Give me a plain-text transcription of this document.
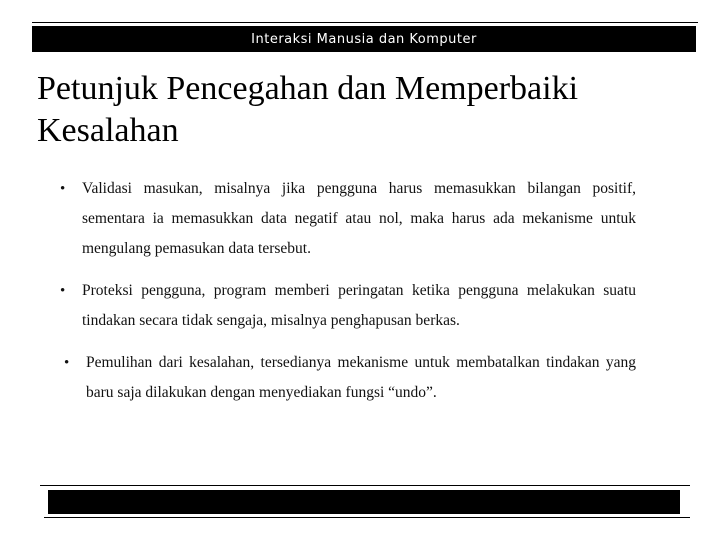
Interaksi Manusia dan Komputer
Petunjuk Pencegahan dan Memperbaiki Kesalahan
• Validasi masukan, misalnya jika pengguna harus memasukkan bilangan positif, sementara ia memasukkan data negatif atau nol, maka harus ada mekanisme untuk mengulang pemasukan data tersebut.
• Proteksi pengguna, program memberi peringatan ketika pengguna melakukan suatu tindakan secara tidak sengaja, misalnya penghapusan berkas.
• Pemulihan dari kesalahan, tersedianya mekanisme untuk membatalkan tindakan yang baru saja dilakukan dengan menyediakan fungsi “undo”.
